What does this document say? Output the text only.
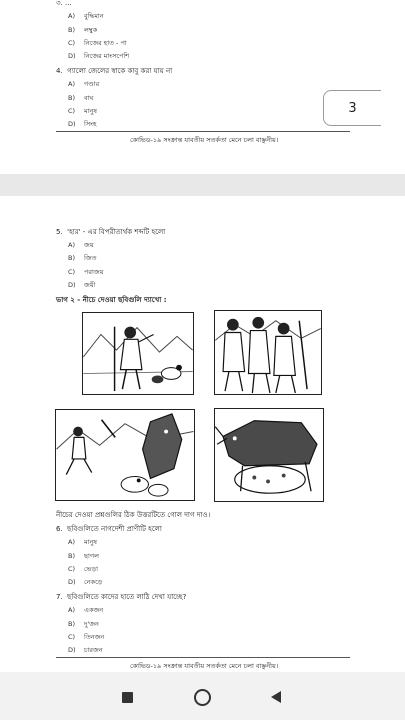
৩. ...
A) বুদ্ধিমান
B) লম্বুক
C) নিজের হাত - পা
D) নিজের মাংসপেশি
4. গ্যালো জেলের স্বাকে কাবু করা যায় না
A) গণ্ডার
B) বাঘ
C) মানুষ
D) সিংহ
কোভিড-১৯ সংক্রান্ত যাবতীয় সতর্কতা মেনে চলা বাঞ্ছনীয়।
3
5. 'হার' - এর বিপরীতার্থক শব্দটি হলো
A) জয়
B) জিত
C) পরাজয়
D) জয়ী
ভাগ ২ - নীচে দেওয়া ছবিগুলি দ্যাখো :
নীচের দেওয়া প্রশ্নগুলির ঠিক উত্তরটিতে গোল দাগ দাও।
6. ছবিগুলিতে নাগদেশী প্রাণীটি হলো
A) মানুষ
B) ছাগল
C) ভেড়া
D) নেকড়ে
7. ছবিগুলিতে কাদের হাতে লাঠি দেখা যাচ্ছে?
A) একজন
B) দু'জন
C) তিনজন
D) চারজন
কোভিড-১৯ সংক্রান্ত যাবতীয় সতর্কতা মেনে চলা বাঞ্ছনীয়।
